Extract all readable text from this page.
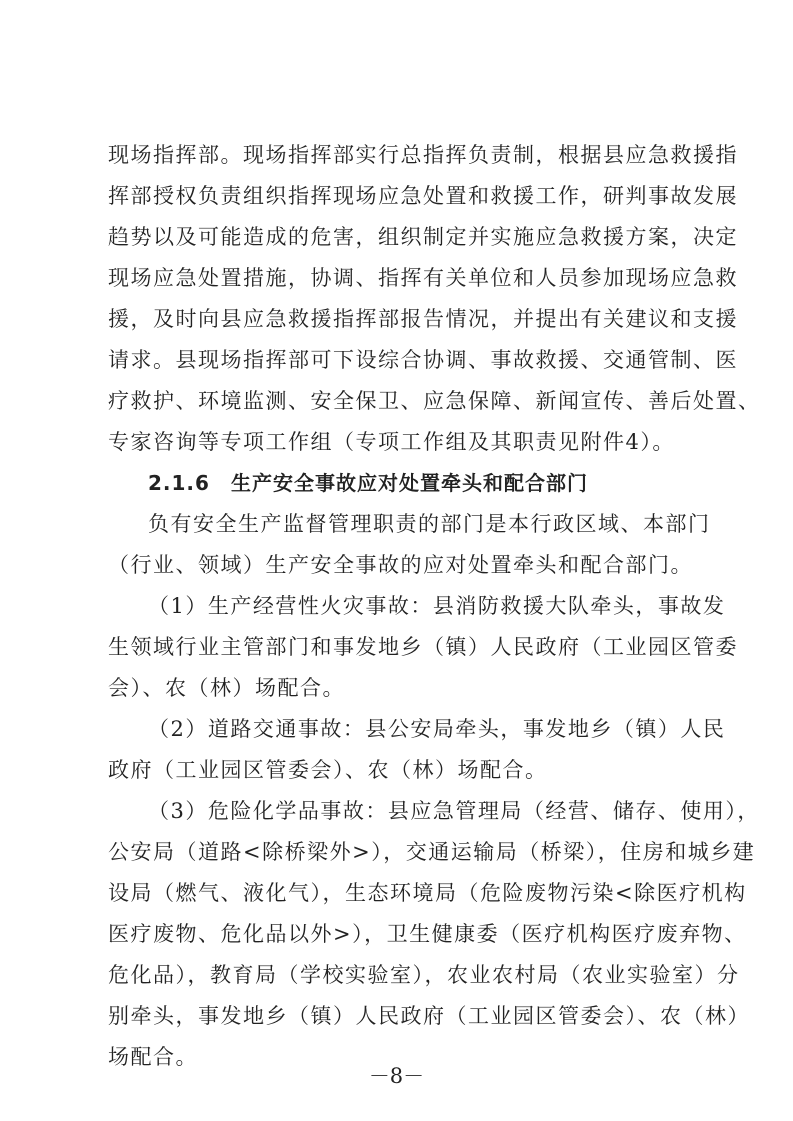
现场指挥部。现场指挥部实行总指挥负责制，根据县应急救援指
挥部授权负责组织指挥现场应急处置和救援工作，研判事故发展
趋势以及可能造成的危害，组织制定并实施应急救援方案，决定
现场应急处置措施，协调、指挥有关单位和人员参加现场应急救
援，及时向县应急救援指挥部报告情况，并提出有关建议和支援
请求。县现场指挥部可下设综合协调、事故救援、交通管制、医
疗救护、环境监测、安全保卫、应急保障、新闻宣传、善后处置、
专家咨询等专项工作组（专项工作组及其职责见附件4）。
2.1.6　生产安全事故应对处置牵头和配合部门
负有安全生产监督管理职责的部门是本行政区域、本部门
（行业、领域）生产安全事故的应对处置牵头和配合部门。
（1）生产经营性火灾事故：县消防救援大队牵头，事故发
生领域行业主管部门和事发地乡（镇）人民政府（工业园区管委
会）、农（林）场配合。
（2）道路交通事故：县公安局牵头，事发地乡（镇）人民
政府（工业园区管委会）、农（林）场配合。
（3）危险化学品事故：县应急管理局（经营、储存、使用），
公安局（道路<除桥梁外>），交通运输局（桥梁），住房和城乡建
设局（燃气、液化气），生态环境局（危险废物污染<除医疗机构
医疗废物、危化品以外>），卫生健康委（医疗机构医疗废弃物、
危化品），教育局（学校实验室），农业农村局（农业实验室）分
别牵头，事发地乡（镇）人民政府（工业园区管委会）、农（林）
场配合。
－8－
